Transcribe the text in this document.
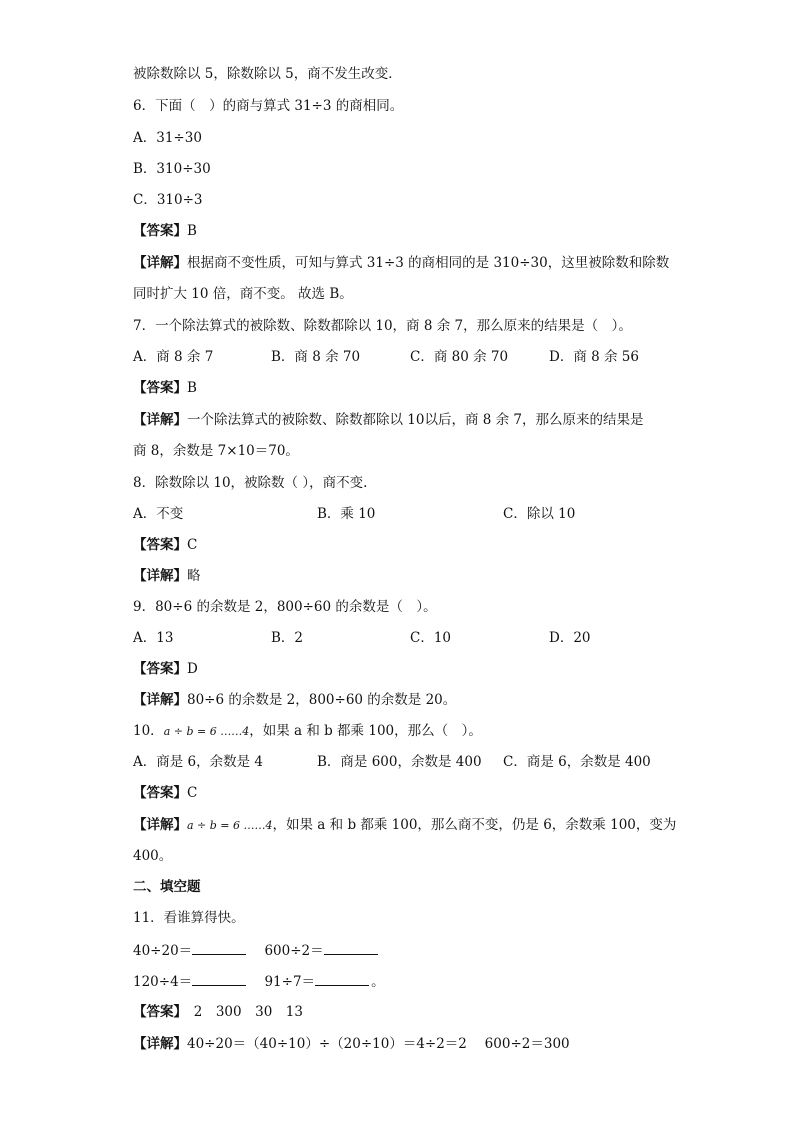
被除数除以 5，除数除以 5，商不发生改变．
6．下面（　）的商与算式 31÷3 的商相同。
A．31÷30
B．310÷30
C．310÷3
【答案】B
【详解】根据商不变性质，可知与算式 31÷3 的商相同的是 310÷30，这里被除数和除数
同时扩大 10 倍，商不变。 故选 B。
7．一个除法算式的被除数、除数都除以 10，商 8 余 7，那么原来的结果是（　）。
A．商 8 余 7	B．商 8 余 70	C．商 80 余 70	D．商 8 余 56
【答案】B
【详解】一个除法算式的被除数、除数都除以 10以后，商 8 余 7，那么原来的结果是
商 8，余数是 7×10＝70。
8．除数除以 10，被除数（ ），商不变.
A．不变	B．乘 10	C．除以 10
【答案】C
【详解】略
9．80÷6 的余数是 2，800÷60 的余数是（　）。
A．13	B．2	C．10	D．20
【答案】D
【详解】80÷6 的余数是 2，800÷60 的余数是 20。
10．a ÷ b = 6 ……4，如果 a 和 b 都乘 100，那么（　）。
A．商是 6，余数是 4	B．商是 600，余数是 400 C．商是 6，余数是 400
【答案】C
【详解】a ÷ b = 6 ……4，如果 a 和 b 都乘 100，那么商不变，仍是 6，余数乘 100，变为
400。
二、填空题
11．看谁算得快。
40÷20＝	600÷2＝
120÷4＝	91÷7＝	。
【答案】　2　300　30　13
【详解】40÷20＝（40÷10）÷（20÷10）＝4÷2＝2　 600÷2＝300
